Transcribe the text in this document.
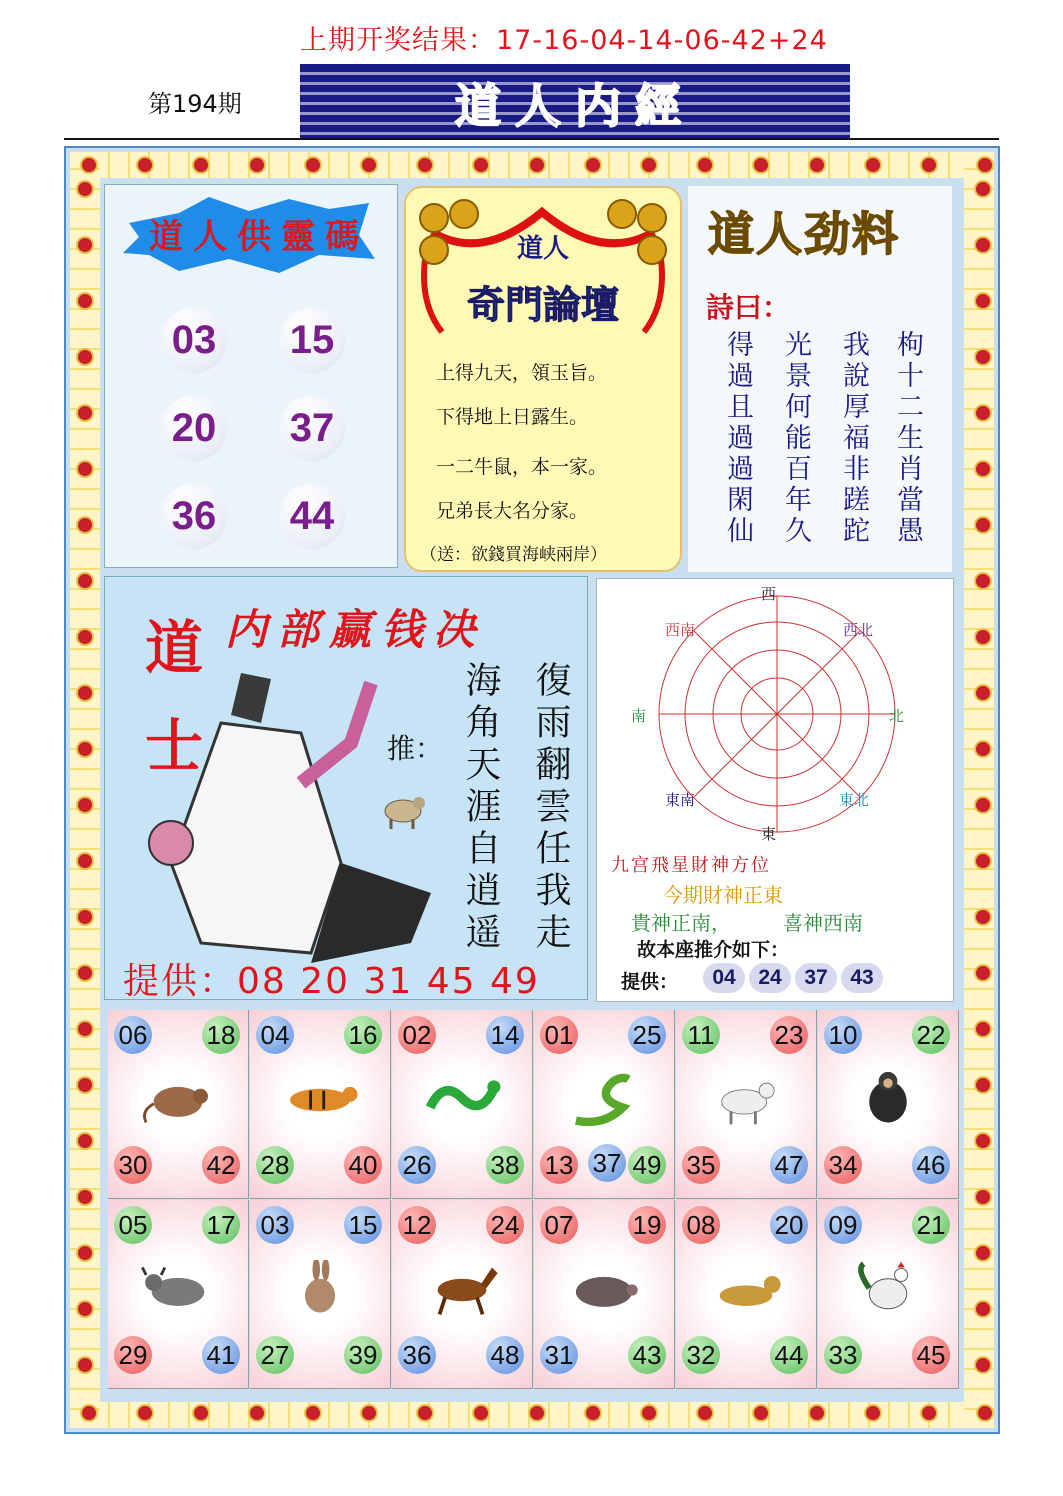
上期开奖结果：17-16-04-14-06-42+24
第194期	道人内經
道人供靈碼
03 15
20 37
36 44
道人
奇門論壇
上得九天，領玉旨。
下得地上日露生。
一二牛鼠，本一家。
兄弟長大名分家。
（送：欲錢買海峡兩岸）
道人劲料
詩曰：
得過且過過閑仙 光景何能百年久 我說厚福非蹉跎 枸十二生肖當愚
内部赢钱决
道士	推： 海角天涯自逍遥 復雨翻雲任我走
提供：08 20 31 45 49
西
東
南	北
西南	西北
東南	東北
九宫飛星財神方位
今期財神正東
貴神正南，	喜神西南
故本座推介如下：
提供：	04	24	37	43
06 18
30 42
04 16
28 40
02 14
26 38
01 25
13 49
37
11 23
35 47
10 22
34 46
05 17
29 41
03 15
27 39
12 24
36 48
07 19
31 43
08 20
32 44
09 21
33 45
